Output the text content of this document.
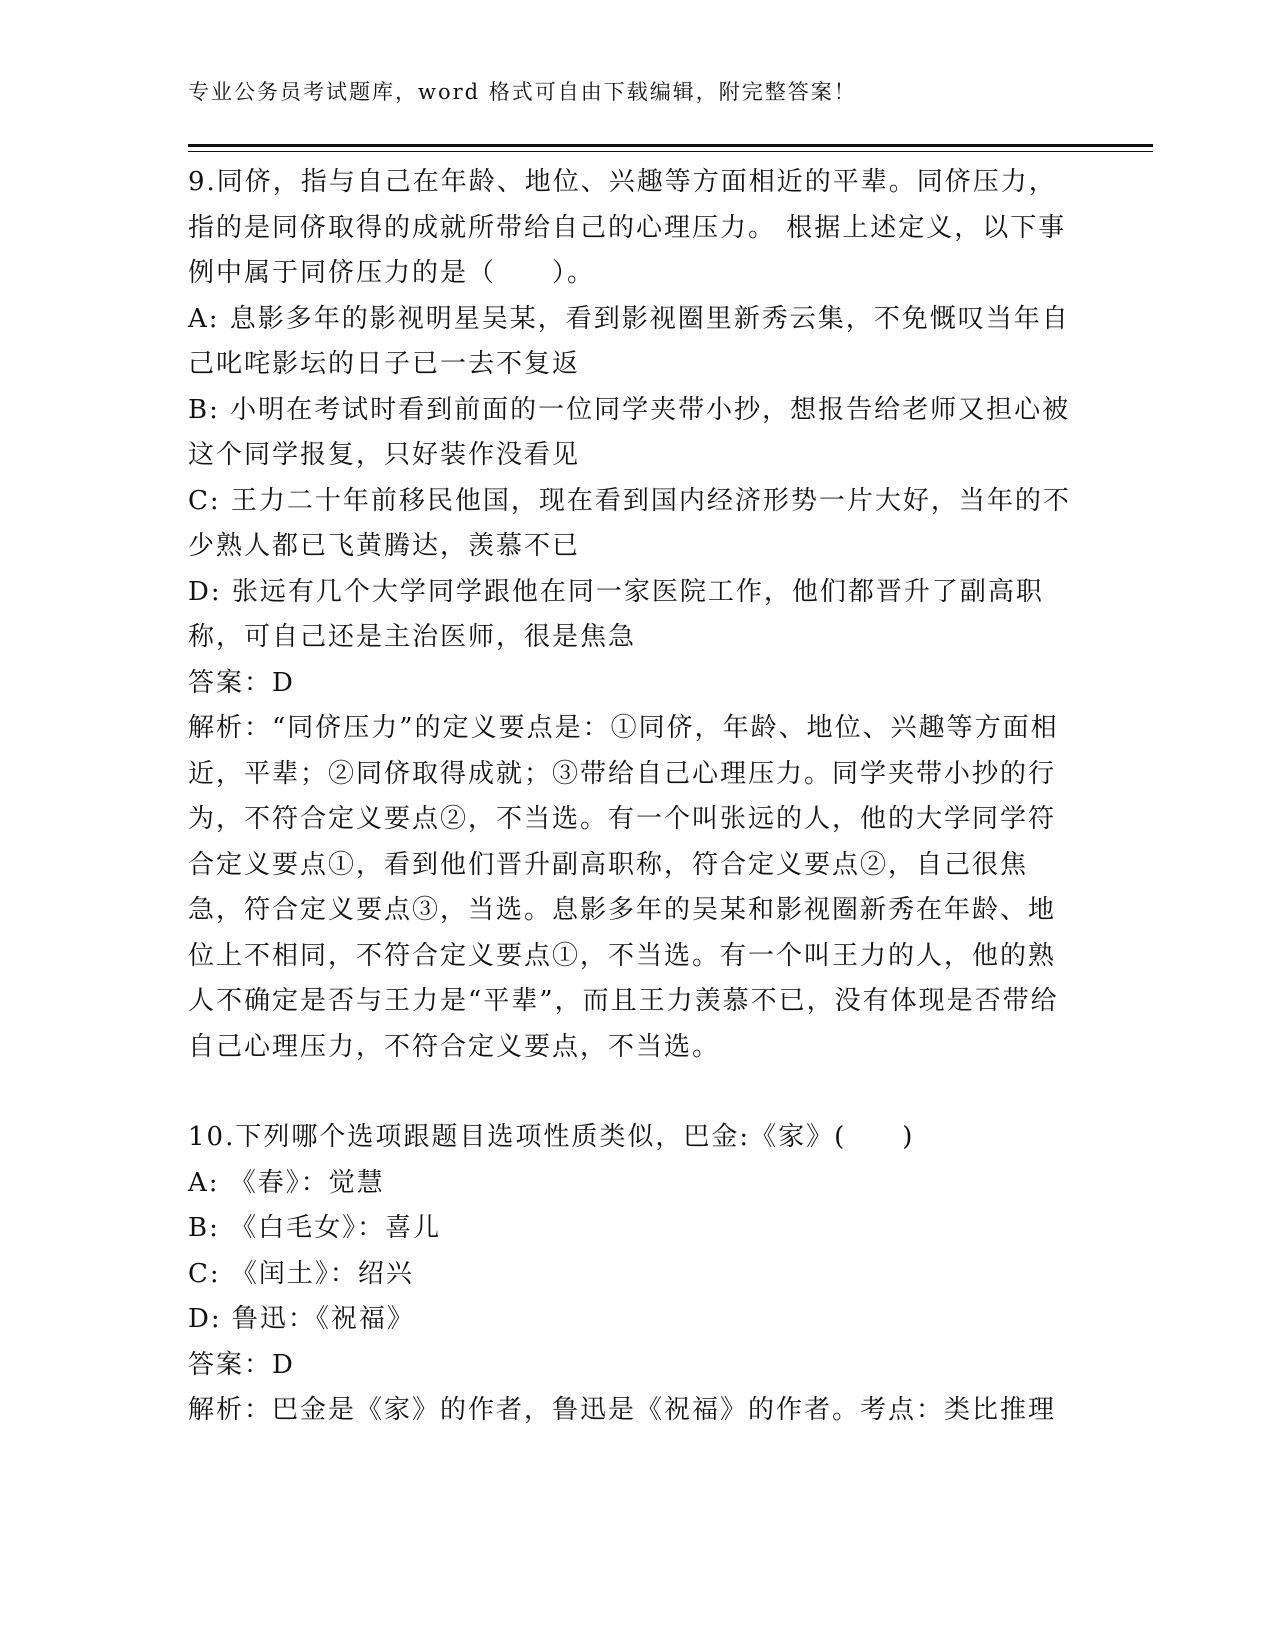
专业公务员考试题库，word 格式可自由下载编辑，附完整答案！

9.同侪，指与自己在年龄、地位、兴趣等方面相近的平辈。同侪压力，指的是同侪取得的成就所带给自己的心理压力。 根据上述定义，以下事例中属于同侪压力的是（　　）。

A: 息影多年的影视明星吴某，看到影视圈里新秀云集，不免慨叹当年自己叱咤影坛的日子已一去不复返

B: 小明在考试时看到前面的一位同学夹带小抄，想报告给老师又担心被这个同学报复，只好装作没看见

C: 王力二十年前移民他国，现在看到国内经济形势一片大好，当年的不少熟人都已飞黄腾达，羡慕不已

D: 张远有几个大学同学跟他在同一家医院工作，他们都晋升了副高职称，可自己还是主治医师，很是焦急

答案：D

解析：“同侪压力”的定义要点是：①同侪，年龄、地位、兴趣等方面相近，平辈；②同侪取得成就；③带给自己心理压力。同学夹带小抄的行为，不符合定义要点②，不当选。有一个叫张远的人，他的大学同学符合定义要点①，看到他们晋升副高职称，符合定义要点②，自己很焦急，符合定义要点③，当选。息影多年的吴某和影视圈新秀在年龄、地位上不相同，不符合定义要点①，不当选。有一个叫王力的人，他的熟人不确定是否与王力是“平辈”，而且王力羡慕不已，没有体现是否带给自己心理压力，不符合定义要点，不当选。

10.下列哪个选项跟题目选项性质类似，巴金:《家》(　　)

A: 《春》：觉慧

B: 《白毛女》：喜儿

C: 《闰土》：绍兴

D: 鲁迅：《祝福》

答案：D

解析：巴金是《家》的作者，鲁迅是《祝福》的作者。考点：类比推理
